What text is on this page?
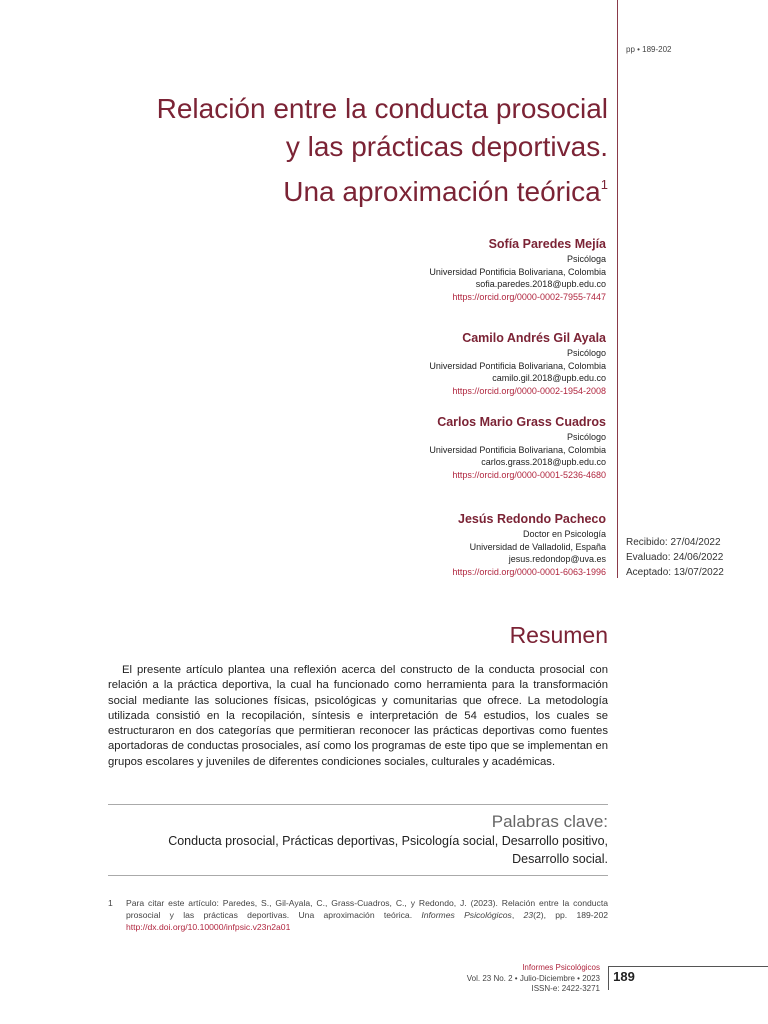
pp • 189-202
Relación entre la conducta prosocial
y las prácticas deportivas.
Una aproximación teórica$^1$
Sofía Paredes Mejía
Psicóloga
Universidad Pontificia Bolivariana, Colombia
sofia.paredes.2018@upb.edu.co
https://orcid.org/0000-0002-7955-7447
Camilo Andrés Gil Ayala
Psicólogo
Universidad Pontificia Bolivariana, Colombia
camilo.gil.2018@upb.edu.co
https://orcid.org/0000-0002-1954-2008
Carlos Mario Grass Cuadros
Psicólogo
Universidad Pontificia Bolivariana, Colombia
carlos.grass.2018@upb.edu.co
https://orcid.org/0000-0001-5236-4680
Jesús Redondo Pacheco
Doctor en Psicología
Universidad de Valladolid, España
jesus.redondop@uva.es
https://orcid.org/0000-0001-6063-1996
Recibido: 27/04/2022
Evaluado: 24/06/2022
Aceptado: 13/07/2022
Resumen

El presente artículo plantea una reflexión acerca del constructo de la conducta prosocial con relación a la práctica deportiva, la cual ha funcionado como herramienta para la transformación social mediante las soluciones físicas, psicológicas y comunitarias que ofrece. La metodología utilizada consistió en la recopilación, síntesis e interpretación de 54 estudios, los cuales se estructuraron en dos categorías que permitieran reconocer las prácticas deportivas como fuentes aportadoras de conductas prosociales, así como los programas de este tipo que se implementan en grupos escolares y juveniles de diferentes condiciones sociales, culturales y académicas.

Palabras clave:
Conducta prosocial, Prácticas deportivas, Psicología social, Desarrollo positivo,
Desarrollo social.
1	Para citar este artículo: Paredes, S., Gil-Ayala, C., Grass-Cuadros, C., y Redondo, J. (2023). Relación entre la conducta prosocial y las prácticas deportivas. Una aproximación teórica. Informes Psicológicos, 23(2), pp. 189-202 http://dx.doi.org/10.10000/infpsic.v23n2a01
Informes Psicológicos
Vol. 23 No. 2 • Julio-Diciembre • 2023
ISSN-e: 2422-3271
189
